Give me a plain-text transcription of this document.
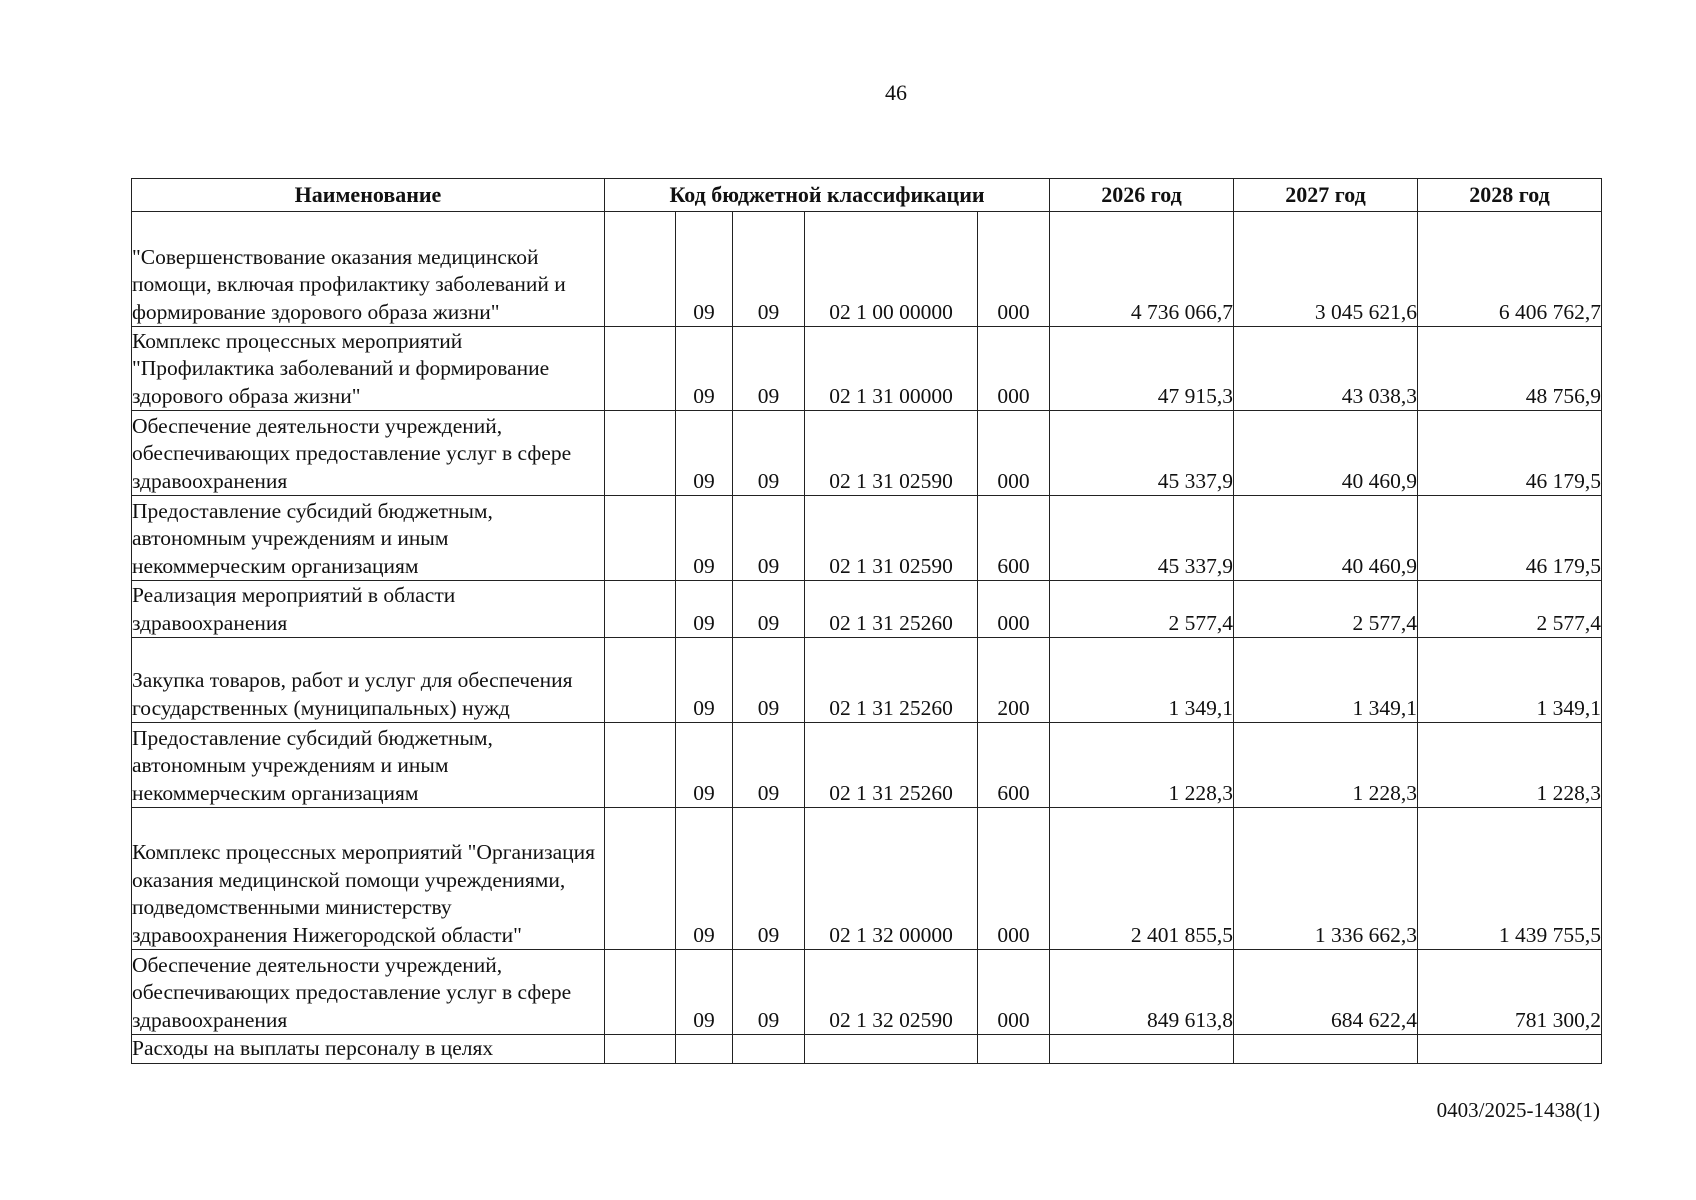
46
Наименование	Код бюджетной классификации					2026 год	2027 год	2028 год
"Совершенствование оказания медицинской помощи, включая профилактику заболеваний и формирование здорового образа жизни"		09	09	02 1 00 00000	000	4 736 066,7	3 045 621,6	6 406 762,7
Комплекс процессных мероприятий "Профилактика заболеваний и формирование здорового образа жизни"		09	09	02 1 31 00000	000	47 915,3	43 038,3	48 756,9
Обеспечение деятельности учреждений, обеспечивающих предоставление услуг в сфере здравоохранения		09	09	02 1 31 02590	000	45 337,9	40 460,9	46 179,5
Предоставление субсидий бюджетным, автономным учреждениям и иным некоммерческим организациям		09	09	02 1 31 02590	600	45 337,9	40 460,9	46 179,5
Реализация мероприятий в области здравоохранения		09	09	02 1 31 25260	000	2 577,4	2 577,4	2 577,4
Закупка товаров, работ и услуг для обеспечения государственных (муниципальных) нужд		09	09	02 1 31 25260	200	1 349,1	1 349,1	1 349,1
Предоставление субсидий бюджетным, автономным учреждениям и иным некоммерческим организациям		09	09	02 1 31 25260	600	1 228,3	1 228,3	1 228,3
Комплекс процессных мероприятий "Организация оказания медицинской помощи учреждениями, подведомственными министерству здравоохранения Нижегородской области"		09	09	02 1 32 00000	000	2 401 855,5	1 336 662,3	1 439 755,5
Обеспечение деятельности учреждений, обеспечивающих предоставление услуг в сфере здравоохранения		09	09	02 1 32 02590	000	849 613,8	684 622,4	781 300,2
Расходы на выплаты персоналу в целях								
0403/2025-1438(1)
